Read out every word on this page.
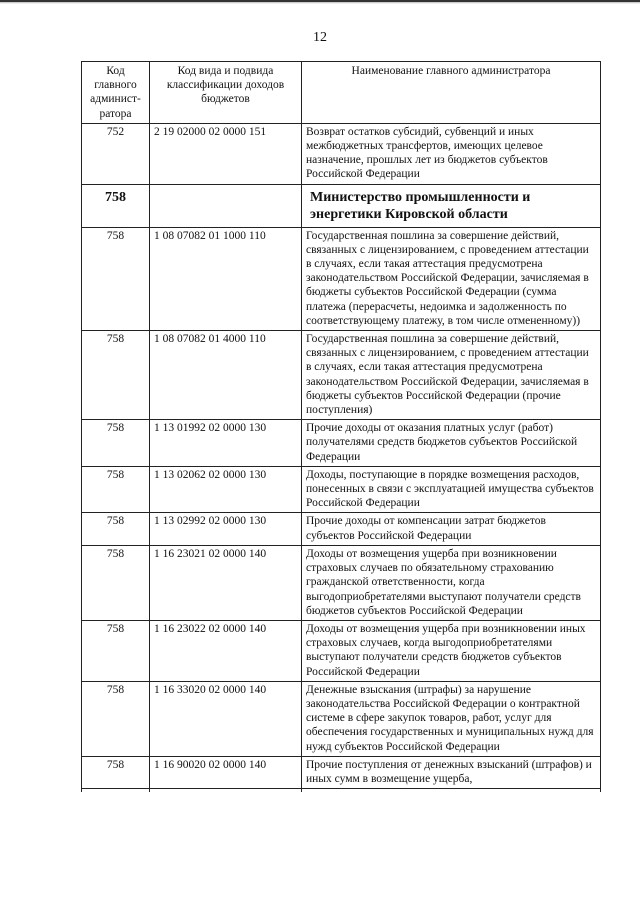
12
Код главного админист-ратора	Код вида и подвида классификации доходов бюджетов	Наименование главного администратора
752	2 19 02000 02 0000 151	Возврат остатков субсидий, субвенций и иных межбюджетных трансфертов, имеющих целевое назначение, прошлых лет из бюджетов субъектов Российской Федерации
758		Министерство промышленности и энергетики Кировской области
758	1 08 07082 01 1000 110	Государственная пошлина за совершение действий, связанных с лицензированием, с проведением аттестации в случаях, если такая аттестация предусмотрена законодательством Российской Федерации, зачисляемая в бюджеты субъектов Российской Федерации (сумма платежа (перерасчеты, недоимка и задолженность по соответствующему платежу, в том числе отмененному))
758	1 08 07082 01 4000 110	Государственная пошлина за совершение действий, связанных с лицензированием, с проведением аттестации в случаях, если такая аттестация предусмотрена законодательством Российской Федерации, зачисляемая в бюджеты субъектов Российской Федерации (прочие поступления)
758	1 13 01992 02 0000 130	Прочие доходы от оказания платных услуг (работ) получателями средств бюджетов субъектов Российской Федерации
758	1 13 02062 02 0000 130	Доходы, поступающие в порядке возмещения расходов, понесенных в связи с эксплуатацией имущества субъектов Российской Федерации
758	1 13 02992 02 0000 130	Прочие доходы от компенсации затрат бюджетов субъектов Российской Федерации
758	1 16 23021 02 0000 140	Доходы от возмещения ущерба при возникновении страховых случаев по обязательному страхованию гражданской ответственности, когда выгодоприобретателями выступают получатели средств бюджетов субъектов Российской Федерации
758	1 16 23022 02 0000 140	Доходы от возмещения ущерба при возникновении иных страховых случаев, когда выгодоприобретателями выступают получатели средств бюджетов субъектов Российской Федерации
758	1 16 33020 02 0000 140	Денежные взыскания (штрафы) за нарушение законодательства Российской Федерации о контрактной системе в сфере закупок товаров, работ, услуг для обеспечения государственных и муниципальных нужд для нужд субъектов Российской Федерации
758	1 16 90020 02 0000 140	Прочие поступления от денежных взысканий (штрафов) и иных сумм в возмещение ущерба,
